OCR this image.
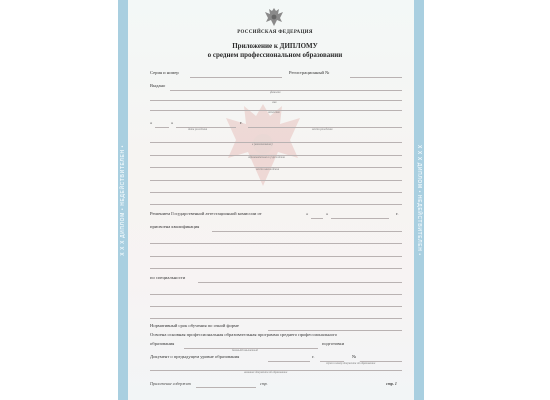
Х Х Х ДИПЛОМ • НЕДЕЙСТВИТЕЛЕН •	Х Х Х ДИПЛОМ • НЕДЕЙСТВИТЕЛЕН •
РОССИЙСКАЯ ФЕДЕРАЦИЯ
Приложение к ДИПЛОМУ
о среднем профессиональном образовании
Серия и номер	Регистрационный №
Выдано
фамилия
имя
отчество
«	»
дата рождения
г.
место рождения
в (наименование)
образовательного учреждения
место нахождения
Решением Государственной аттестационной комиссии от	«	»	г.
присвоена квалификация
по специальности
Нормативный срок обучения по очной форме
Освоена основная профессиональная образовательная программа среднего профессионального
образования	подготовки
базовый/повышенный
Документ о предыдущем уровне образования	г.	№
серия и номер документа об образовании
название документа об образовании
Приложение содержит	стр.	стр. 1
